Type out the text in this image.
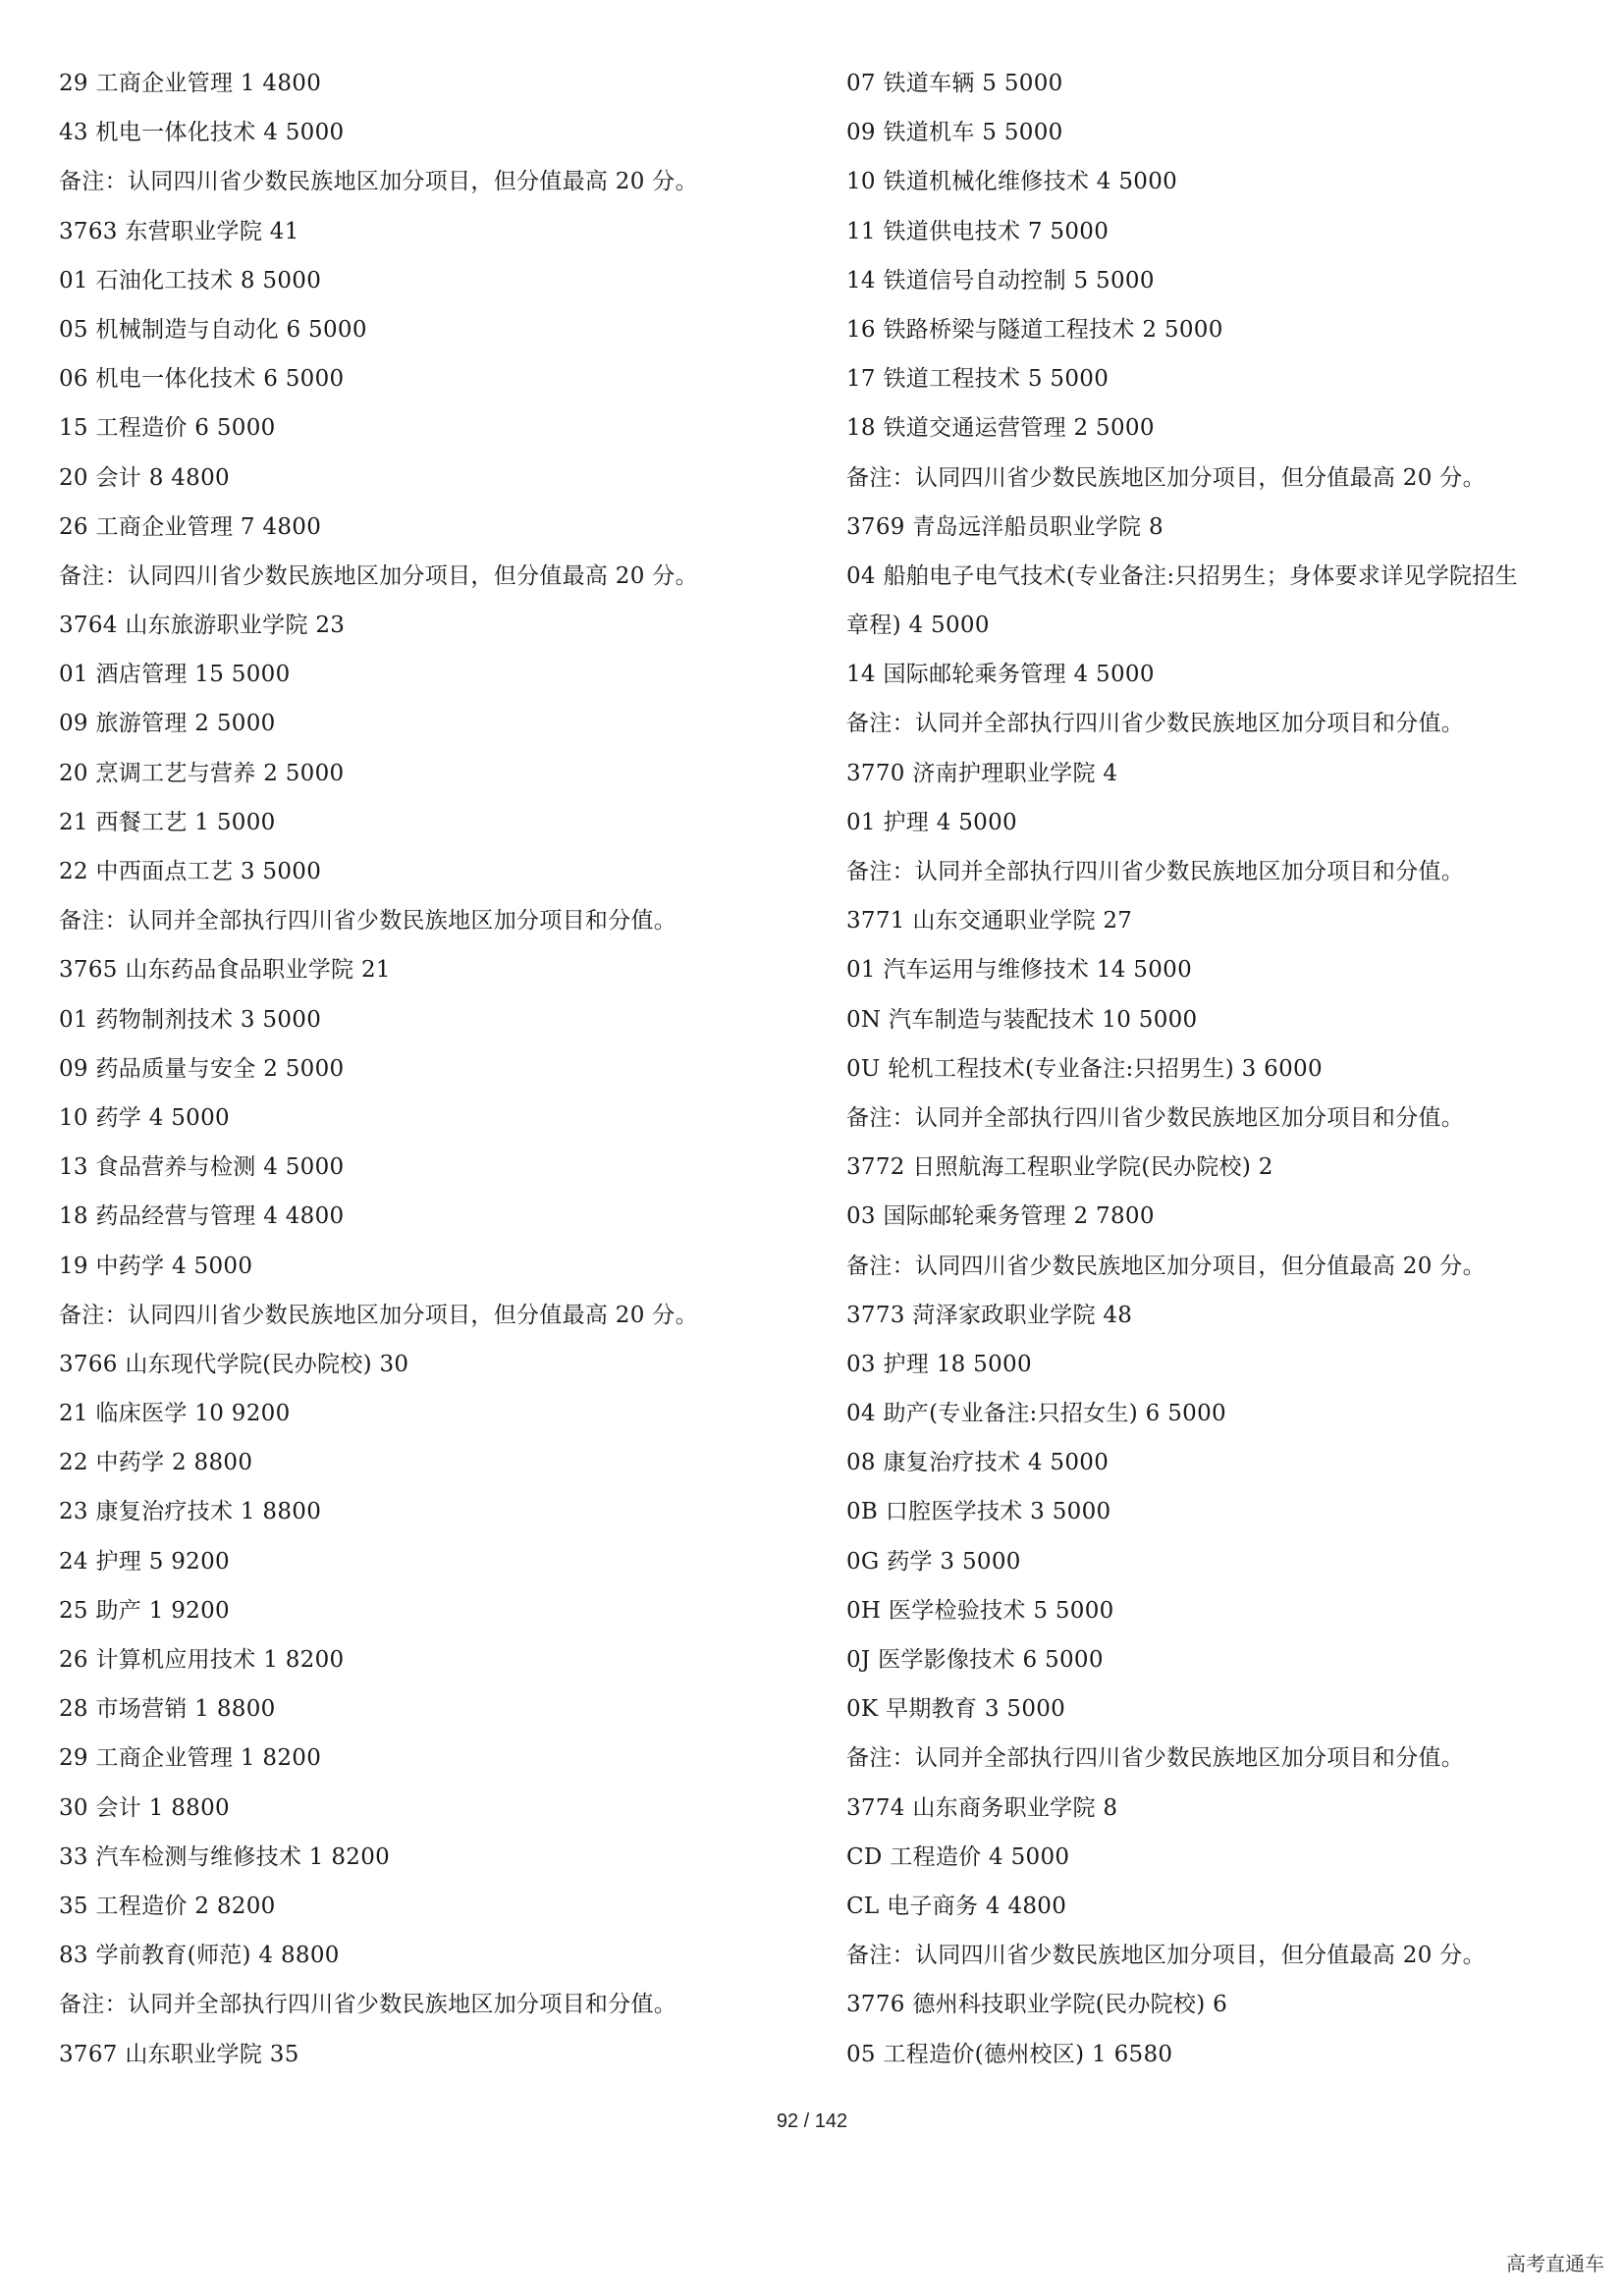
29 工商企业管理 1 4800
43 机电一体化技术 4 5000
备注：认同四川省少数民族地区加分项目，但分值最高 20 分。
3763 东营职业学院 41
01 石油化工技术 8 5000
05 机械制造与自动化 6 5000
06 机电一体化技术 6 5000
15 工程造价 6 5000
20 会计 8 4800
26 工商企业管理 7 4800
备注：认同四川省少数民族地区加分项目，但分值最高 20 分。
3764 山东旅游职业学院 23
01 酒店管理 15 5000
09 旅游管理 2 5000
20 烹调工艺与营养 2 5000
21 西餐工艺 1 5000
22 中西面点工艺 3 5000
备注：认同并全部执行四川省少数民族地区加分项目和分值。
3765 山东药品食品职业学院 21
01 药物制剂技术 3 5000
09 药品质量与安全 2 5000
10 药学 4 5000
13 食品营养与检测 4 5000
18 药品经营与管理 4 4800
19 中药学 4 5000
备注：认同四川省少数民族地区加分项目，但分值最高 20 分。
3766 山东现代学院(民办院校) 30
21 临床医学 10 9200
22 中药学 2 8800
23 康复治疗技术 1 8800
24 护理 5 9200
25 助产 1 9200
26 计算机应用技术 1 8200
28 市场营销 1 8800
29 工商企业管理 1 8200
30 会计 1 8800
33 汽车检测与维修技术 1 8200
35 工程造价 2 8200
83 学前教育(师范) 4 8800
备注：认同并全部执行四川省少数民族地区加分项目和分值。
3767 山东职业学院 35
07 铁道车辆 5 5000
09 铁道机车 5 5000
10 铁道机械化维修技术 4 5000
11 铁道供电技术 7 5000
14 铁道信号自动控制 5 5000
16 铁路桥梁与隧道工程技术 2 5000
17 铁道工程技术 5 5000
18 铁道交通运营管理 2 5000
备注：认同四川省少数民族地区加分项目，但分值最高 20 分。
3769 青岛远洋船员职业学院 8
04 船舶电子电气技术(专业备注:只招男生；身体要求详见学院招生
章程) 4 5000
14 国际邮轮乘务管理 4 5000
备注：认同并全部执行四川省少数民族地区加分项目和分值。
3770 济南护理职业学院 4
01 护理 4 5000
备注：认同并全部执行四川省少数民族地区加分项目和分值。
3771 山东交通职业学院 27
01 汽车运用与维修技术 14 5000
0N 汽车制造与装配技术 10 5000
0U 轮机工程技术(专业备注:只招男生) 3 6000
备注：认同并全部执行四川省少数民族地区加分项目和分值。
3772 日照航海工程职业学院(民办院校) 2
03 国际邮轮乘务管理 2 7800
备注：认同四川省少数民族地区加分项目，但分值最高 20 分。
3773 菏泽家政职业学院 48
03 护理 18 5000
04 助产(专业备注:只招女生) 6 5000
08 康复治疗技术 4 5000
0B 口腔医学技术 3 5000
0G 药学 3 5000
0H 医学检验技术 5 5000
0J 医学影像技术 6 5000
0K 早期教育 3 5000
备注：认同并全部执行四川省少数民族地区加分项目和分值。
3774 山东商务职业学院 8
CD 工程造价 4 5000
CL 电子商务 4 4800
备注：认同四川省少数民族地区加分项目，但分值最高 20 分。
3776 德州科技职业学院(民办院校) 6
05 工程造价(德州校区) 1 6580
92 / 142
高考直通车
